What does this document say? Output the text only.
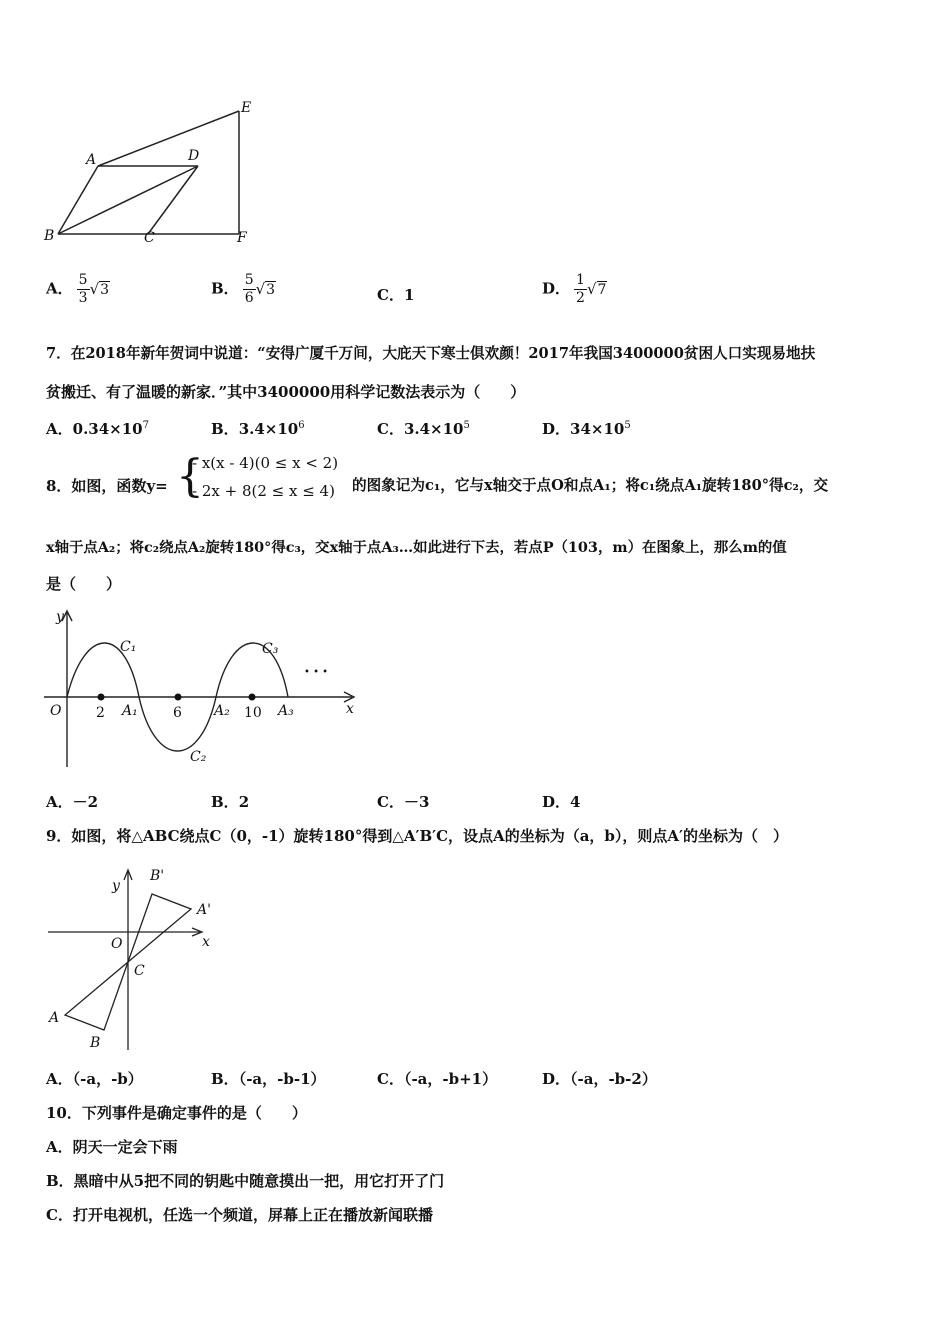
A	D
E
B	C	F
A． $\frac{5}{3} √3$	B． $\frac{5}{6} √3$	C．1	D． $\frac{1}{2} √7$
7．在2018年新年贺词中说道：“安得广厦千万间，大庇天下寒士俱欢颜！2017年我国3400000贫困人口实现易地扶
贫搬迁、有了温暖的新家．”其中3400000用科学记数法表示为（　　）
A．$0.34\times 10^7$	B．$3.4\times 10^6$	C．$3.4\times 10^5$	D．$34\times 10^5$
8．如图，函数y= {
- x(x - 4)(0 ≤ x < 2)
- 2x + 8(2 ≤ x ≤ 4) 的图象记为c₁，它与x轴交于点O和点A₁；将c₁绕点A₁旋转180°得c₂，交
x轴于点A₂；将c₂绕点A₂旋转180°得c₃，交x轴于点A₃…如此进行下去，若点P（103，m）在图象上，那么m的值
是（　　）
y
x
O 2	6	10
A₁	A₂	A₃
C₁
C₂
C₃
• • •
A．－2	B．2	C．－3	D．4
9．如图，将△ABC绕点C（0，-1）旋转180°得到△A′B′C，设点A的坐标为（a，b），则点A′的坐标为（　）
y
x
O
C
A
B
A'
B'
A．（-a，-b）	B．（-a，-b-1）	C．（-a，-b+1）	D．（-a，-b-2）
10．下列事件是确定事件的是（　　）
A．阴天一定会下雨
B．黑暗中从5把不同的钥匙中随意摸出一把，用它打开了门
C．打开电视机，任选一个频道，屏幕上正在播放新闻联播
